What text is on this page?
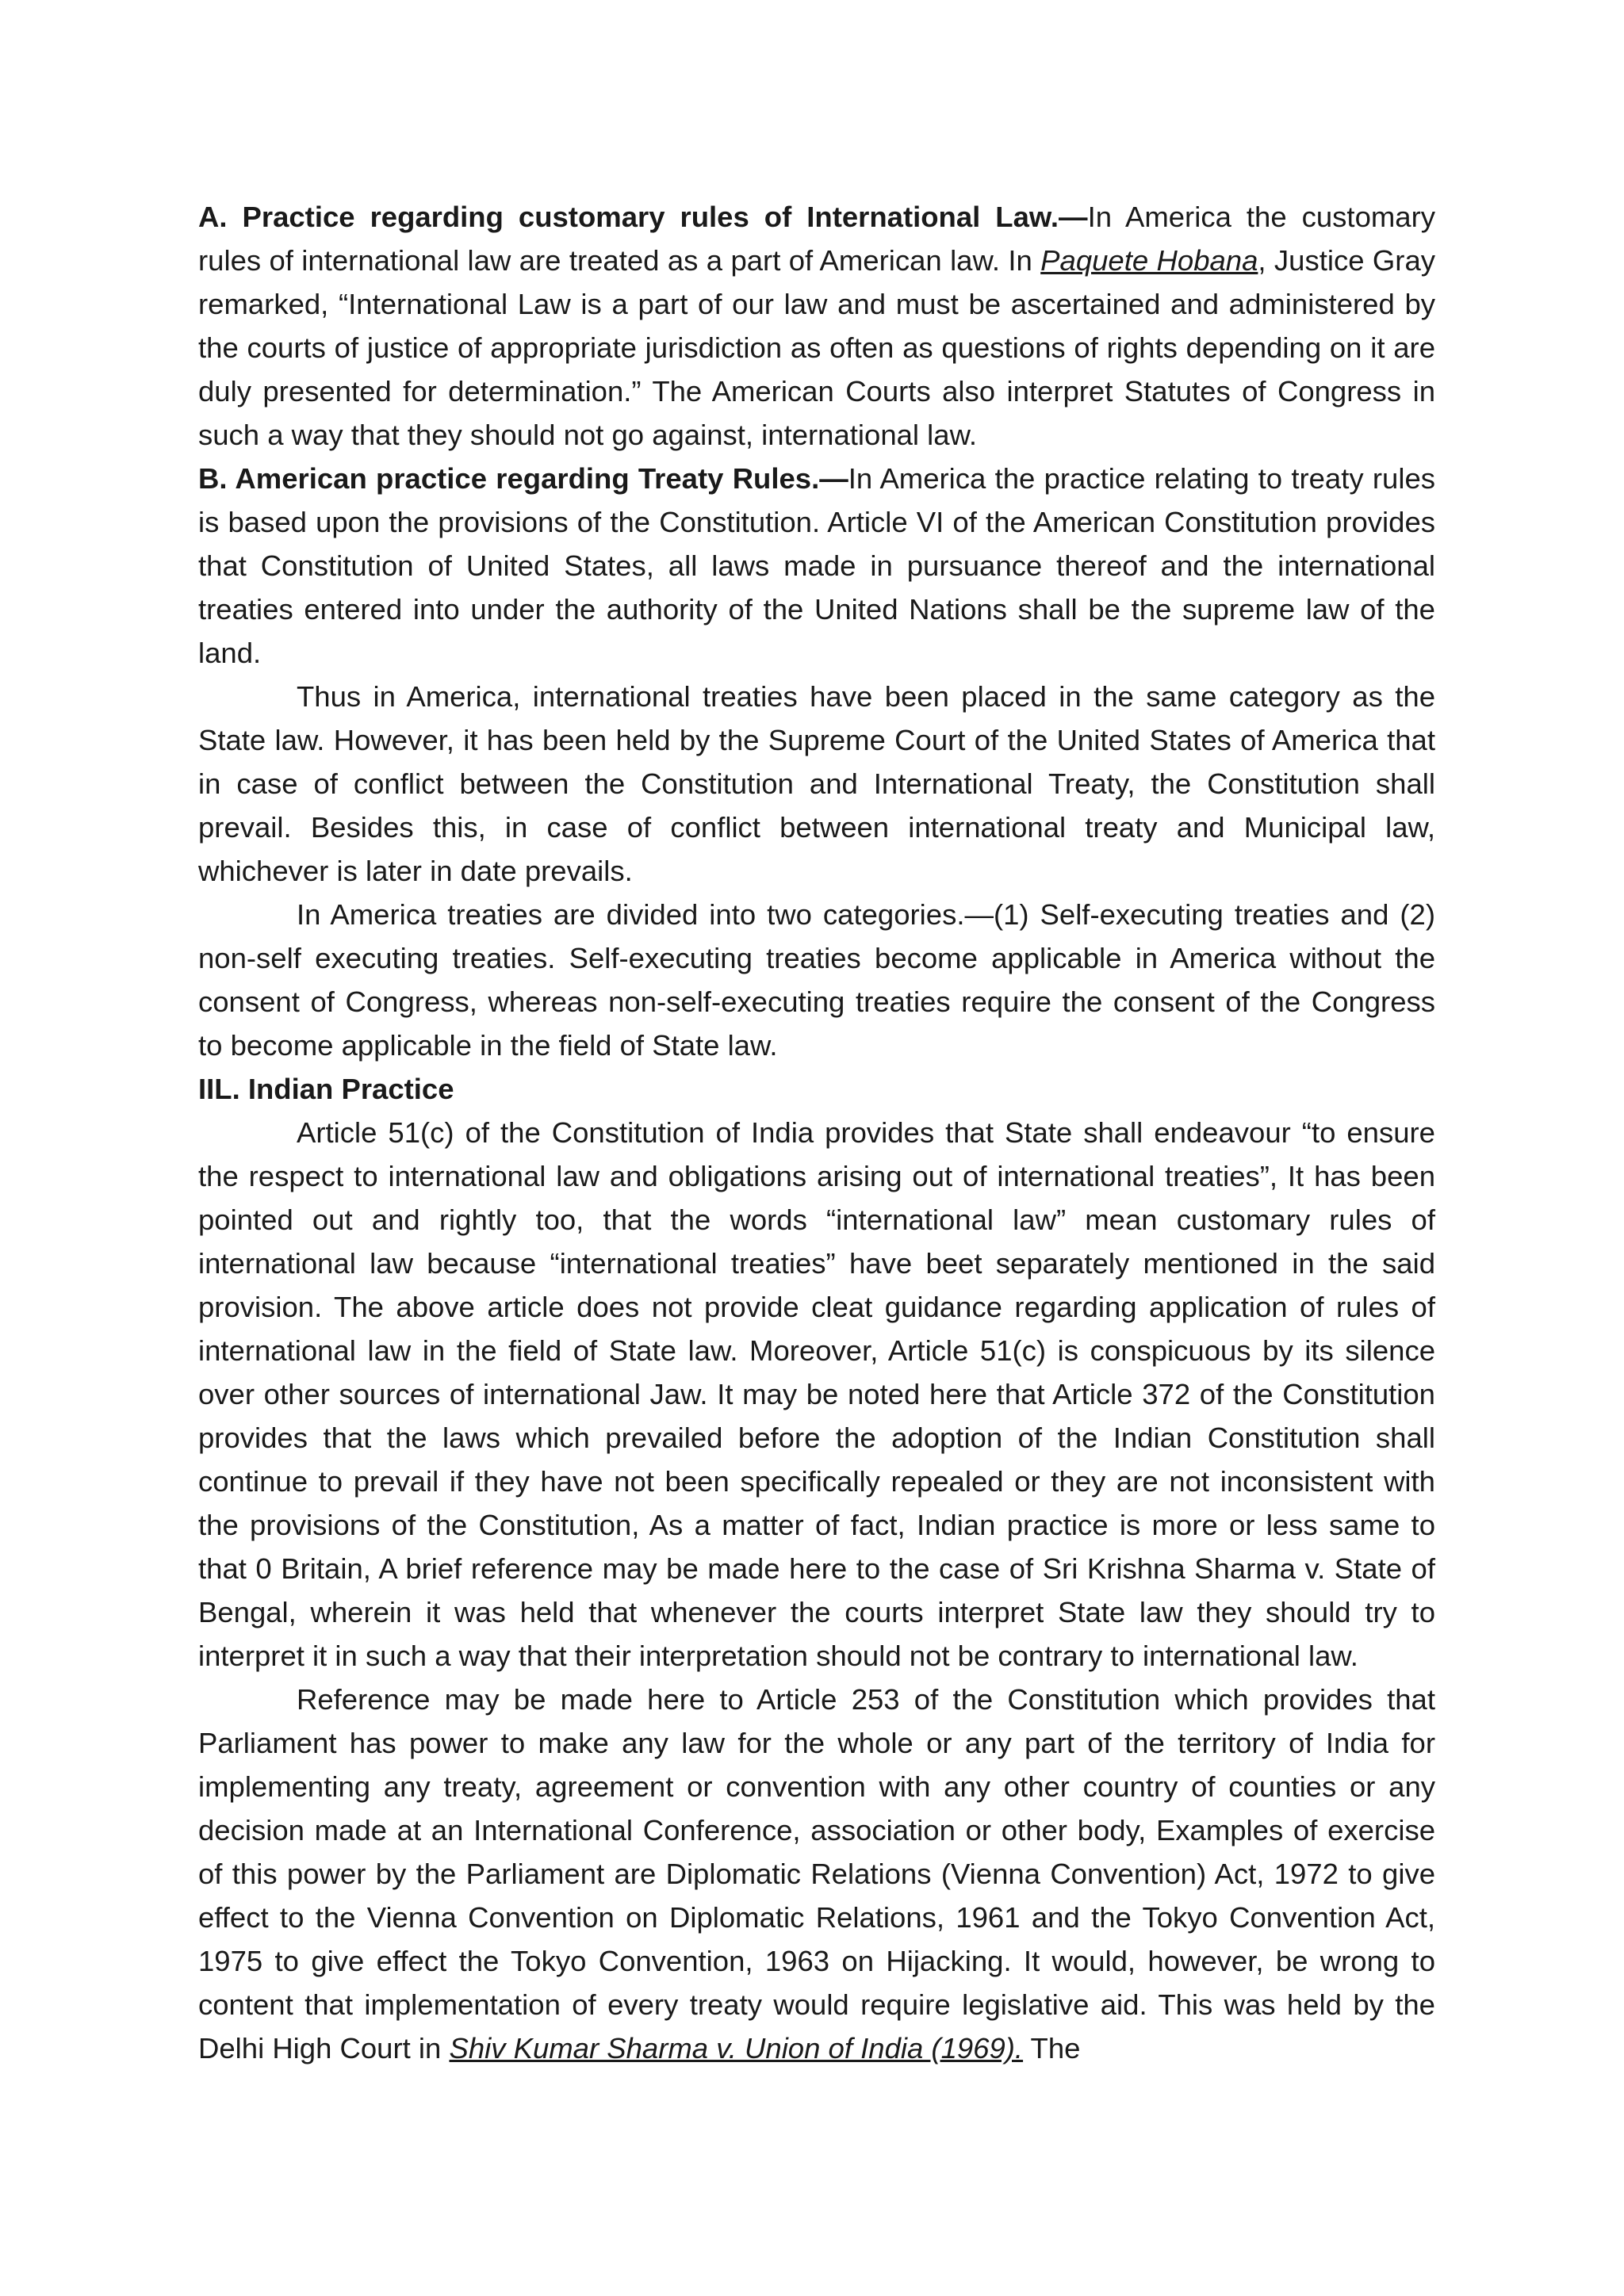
A. Practice regarding customary rules of International Law.—In America the customary rules of international law are treated as a part of American law. In Paquete Hobana, Justice Gray remarked, “International Law is a part of our law and must be ascertained and administered by the courts of justice of appropriate jurisdiction as often as questions of rights depending on it are duly presented for determination.” The American Courts also interpret Statutes of Congress in such a way that they should not go against, international law.

B. American practice regarding Treaty Rules.—In America the practice relating to treaty rules is based upon the provisions of the Constitution. Article VI of the American Constitution provides that Constitution of United States, all laws made in pursuance thereof and the international treaties entered into under the authority of the United Nations shall be the supreme law of the land.

Thus in America, international treaties have been placed in the same category as the State law. However, it has been held by the Supreme Court of the United States of America that in case of conflict between the Constitution and International Treaty, the Constitution shall prevail. Besides this, in case of conflict between international treaty and Municipal law, whichever is later in date prevails.

In America treaties are divided into two categories.—(1) Self-executing treaties and (2) non-self executing treaties. Self-executing treaties become applicable in America without the consent of Congress, whereas non-self-executing treaties require the consent of the Congress to become applicable in the field of State law.

IIL. Indian Practice

Article 51(c) of the Constitution of India provides that State shall endeavour “to ensure the respect to international law and obligations arising out of international treaties”, It has been pointed out and rightly too, that the words “international law” mean customary rules of international law because “international treaties” have beet separately mentioned in the said provision. The above article does not provide cleat guidance regarding application of rules of international law in the field of State law. Moreover, Article 51(c) is conspicuous by its silence over other sources of international Jaw. It may be noted here that Article 372 of the Constitution provides that the laws which prevailed before the adoption of the Indian Constitution shall continue to prevail if they have not been specifically repealed or they are not inconsistent with the provisions of the Constitution, As a matter of fact, Indian practice is more or less same to that 0 Britain, A brief reference may be made here to the case of Sri Krishna Sharma v. State of Bengal, wherein it was held that whenever the courts interpret State law they should try to interpret it in such a way that their interpretation should not be contrary to international law.

Reference may be made here to Article 253 of the Constitution which provides that Parliament has power to make any law for the whole or any part of the territory of India for implementing any treaty, agreement or convention with any other country of counties or any decision made at an International Conference, association or other body, Examples of exercise of this power by the Parliament are Diplomatic Relations (Vienna Convention) Act, 1972 to give effect to the Vienna Convention on Diplomatic Relations, 1961 and the Tokyo Convention Act, 1975 to give effect the Tokyo Convention, 1963 on Hijacking. It would, however, be wrong to content that implementation of every treaty would require legislative aid. This was held by the Delhi High Court in Shiv Kumar Sharma v. Union of India (1969). The
